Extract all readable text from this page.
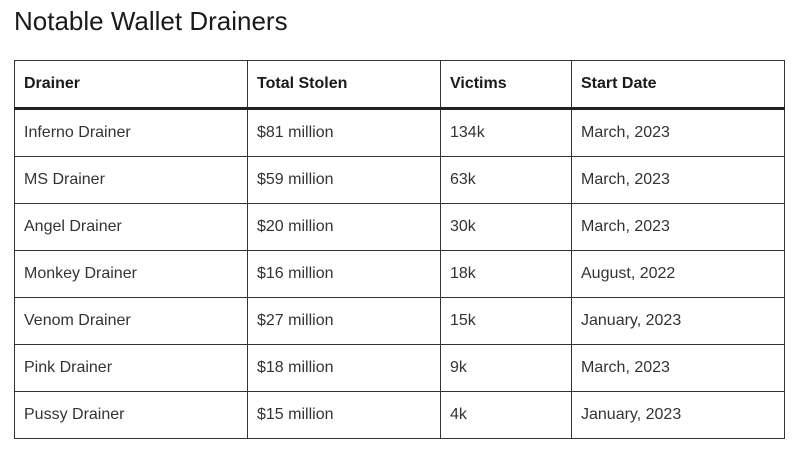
Notable Wallet Drainers
Drainer	Total Stolen	Victims	Start Date
Inferno Drainer	$81 million	134k	March, 2023
MS Drainer	$59 million	63k	March, 2023
Angel Drainer	$20 million	30k	March, 2023
Monkey Drainer	$16 million	18k	August, 2022
Venom Drainer	$27 million	15k	January, 2023
Pink Drainer	$18 million	9k	March, 2023
Pussy Drainer	$15 million	4k	January, 2023
